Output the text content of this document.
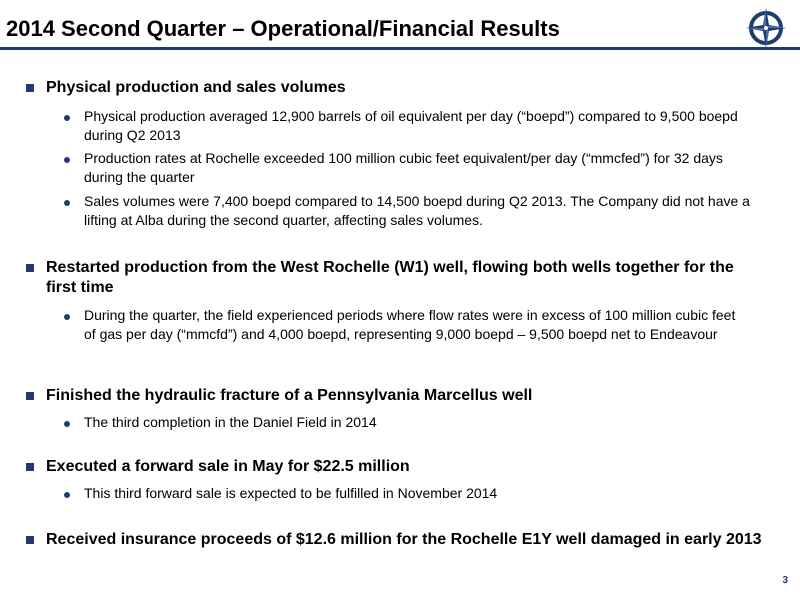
2014 Second Quarter – Operational/Financial Results
Physical production and sales volumes
Physical production averaged 12,900 barrels of oil equivalent per day (“boepd”) compared to 9,500 boepd during Q2 2013
Production rates at Rochelle exceeded 100 million cubic feet equivalent/per day (“mmcfed”) for 32 days during the quarter
Sales volumes were 7,400 boepd compared to 14,500 boepd during Q2 2013. The Company did not have a lifting at Alba during the second quarter, affecting sales volumes.
Restarted production from the West Rochelle (W1) well, flowing both wells together for the first time
During the quarter, the field experienced periods where flow rates were in excess of 100 million cubic feet of gas per day (“mmcfd”) and 4,000 boepd, representing 9,000 boepd – 9,500 boepd net to Endeavour
Finished the hydraulic fracture of a Pennsylvania Marcellus well
The third completion in the Daniel Field in 2014
Executed a forward sale in May for $22.5 million
This third forward sale is expected to be fulfilled in November 2014
Received insurance proceeds of $12.6 million for the Rochelle E1Y well damaged in early 2013
3
